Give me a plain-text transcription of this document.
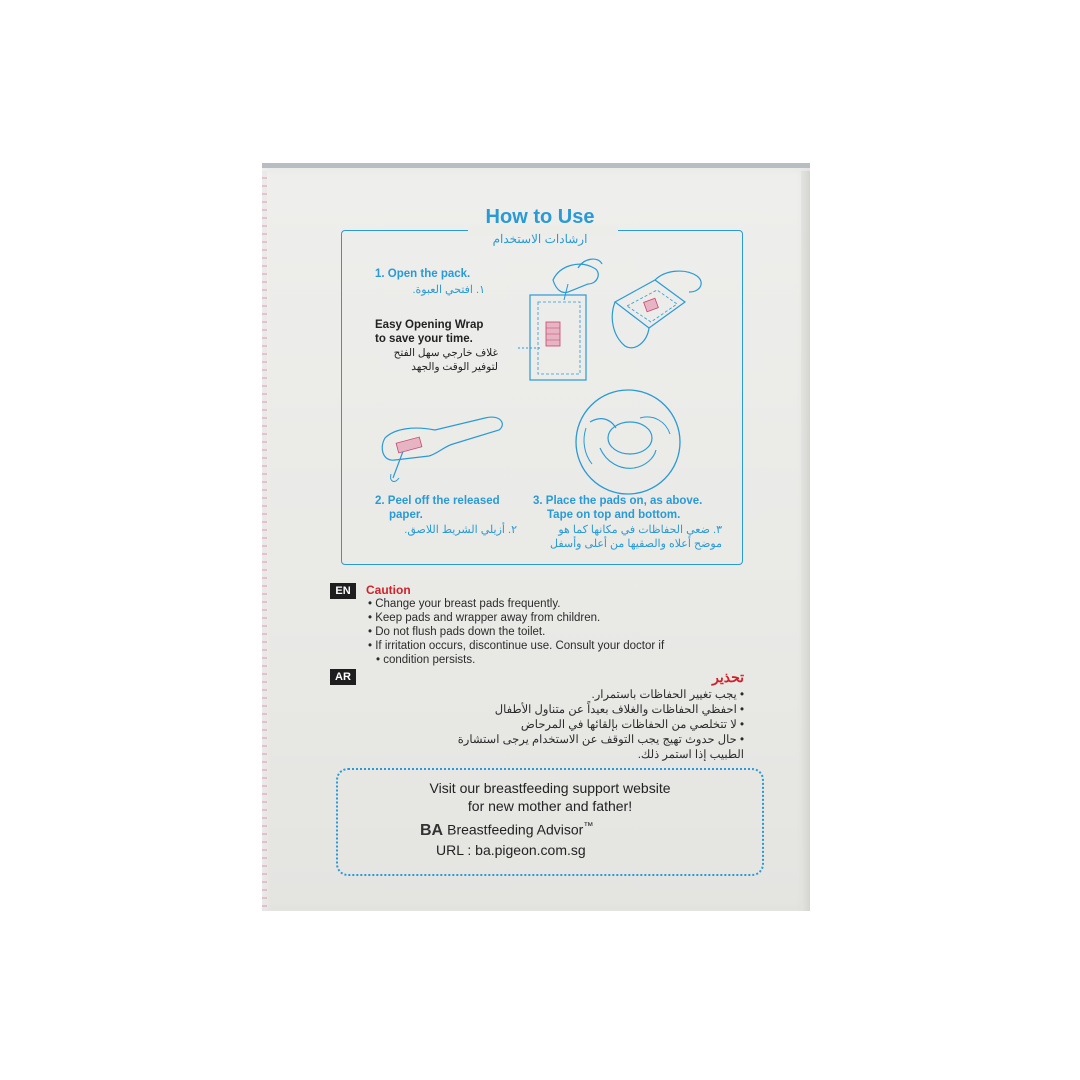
How to Use
ارشادات الاستخدام
1. Open the pack.
١. افتحي العبوة.
Easy Opening Wrap
to save your time.
غلاف خارجي سهل الفتح
لتوفير الوقت والجهد
2. Peel off the released
paper.
٢. أزيلي الشريط اللاصق.
3. Place the pads on, as above.
Tape on top and bottom.
٣. ضعي الحفاظات في مكانها كما هو
موضح أعلاه والصقيها من أعلى وأسفل
EN	Caution
• Change your breast pads frequently.
• Keep pads and wrapper away from children.
• Do not flush pads down the toilet.
• If irritation occurs, discontinue use. Consult your doctor if
• condition persists.
AR	تحذير
• يجب تغيير الحفاظات باستمرار.
• احفظي الحفاظات والغلاف بعيداً عن متناول الأطفال
• لا تتخلصي من الحفاظات بإلقائها في المرحاض
• حال حدوث تهيج يجب التوقف عن الاستخدام يرجى استشارة الطبيب إذا استمر ذلك.
Visit our breastfeeding support website
for new mother and father!
BA Breastfeeding Advisor™
URL : ba.pigeon.com.sg
